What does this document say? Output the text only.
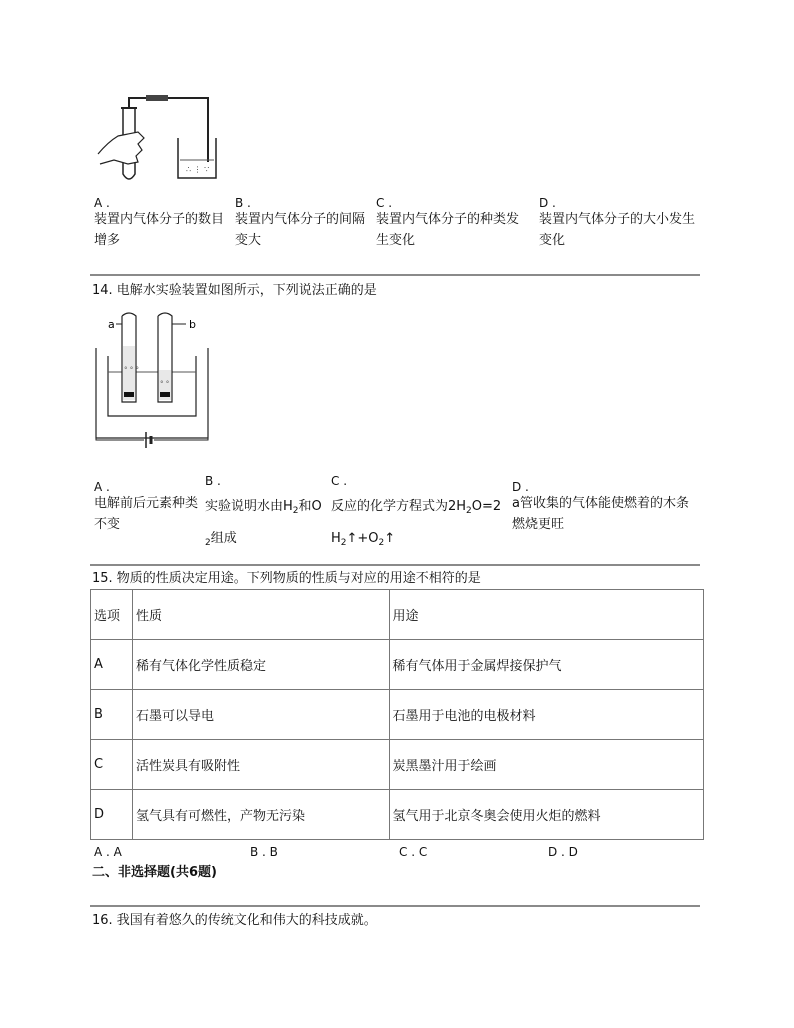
∴ ⋮ ∵
A .
装置内气体分子的数目增多
B .
装置内气体分子的间隔变大
C .
装置内气体分子的种类发生变化
D .
装置内气体分子的大小发生变化
14. 电解水实验装置如图所示，下列说法正确的是
a	b
° ° °
° °
A .
电解前后元素种类不变
B .
实验说明水由$H_2$和O
$_2$组成
C .
反应的化学方程式为$2H_2O=2$
$H_2↑+O_2↑$
D .
a管收集的气体能使燃着的木条燃烧更旺
15. 物质的性质决定用途。下列物质的性质与对应的用途不相符的是
选项	性质	用途
A	稀有气体化学性质稳定	稀有气体用于金属焊接保护气
B	石墨可以导电	石墨用于电池的电极材料
C	活性炭具有吸附性	炭黑墨汁用于绘画
D	氢气具有可燃性，产物无污染	氢气用于北京冬奥会使用火炬的燃料
A . A	B . B	C . C	D . D
二、非选择题(共6题)
16. 我国有着悠久的传统文化和伟大的科技成就。
